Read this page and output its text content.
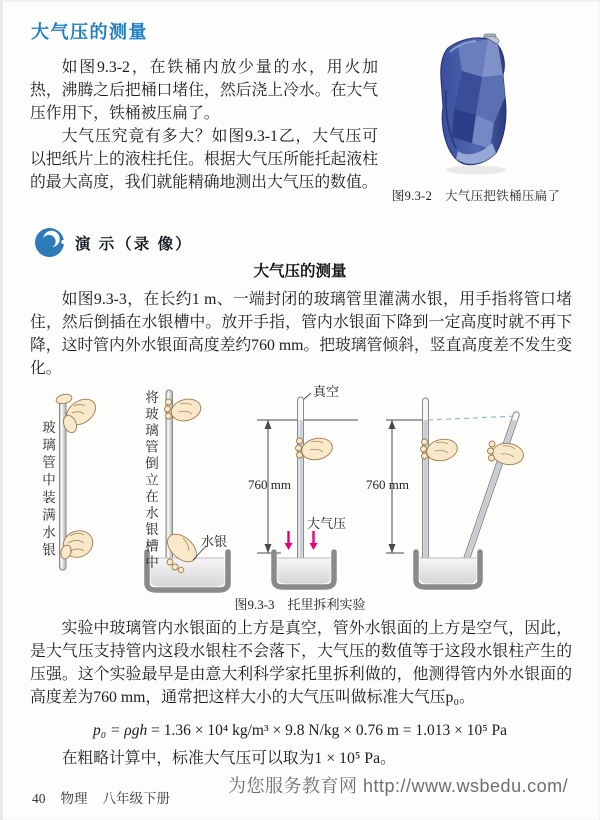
大气压的测量

如图9.3-2，在铁桶内放少量的水，用火加热，沸腾之后把桶口堵住，然后浇上冷水。在大气压作用下，铁桶被压扁了。

大气压究竟有多大？如图9.3-1乙，大气压可以把纸片上的液柱托住。根据大气压所能托起液柱的最大高度，我们就能精确地测出大气压的数值。

图9.3-2　大气压把铁桶压扁了
演 示（录 像）
大气压的测量

如图9.3-3，在长约1 m、一端封闭的玻璃管里灌满水银，用手指将管口堵住，然后倒插在水银槽中。放开手指，管内水银面下降到一定高度时就不再下降，这时管内外水银面高度差约760 mm。把玻璃管倾斜，竖直高度差不发生变化。

玻璃管中装满水银	将玻璃管倒立在水银槽中	水银
真空
大气压
760 mm	760 mm
图9.3-3　托里拆利实验

实验中玻璃管内水银面的上方是真空，管外水银面的上方是空气，因此，是大气压支持管内这段水银柱不会落下，大气压的数值等于这段水银柱产生的压强。这个实验最早是由意大利科学家托里拆利做的，他测得管内外水银面的高度差为760 mm，通常把这样大小的大气压叫做标准大气压p₀。

p₀ = ρgh = 1.36 × 10⁴ kg/m³ × 9.8 N/kg × 0.76 m = 1.013 × 10⁵ Pa

在粗略计算中，标准大气压可以取为1 × 10⁵ Pa。

40 物理 八年级下册
为您服务教育网 http://www.wsbedu.com/
